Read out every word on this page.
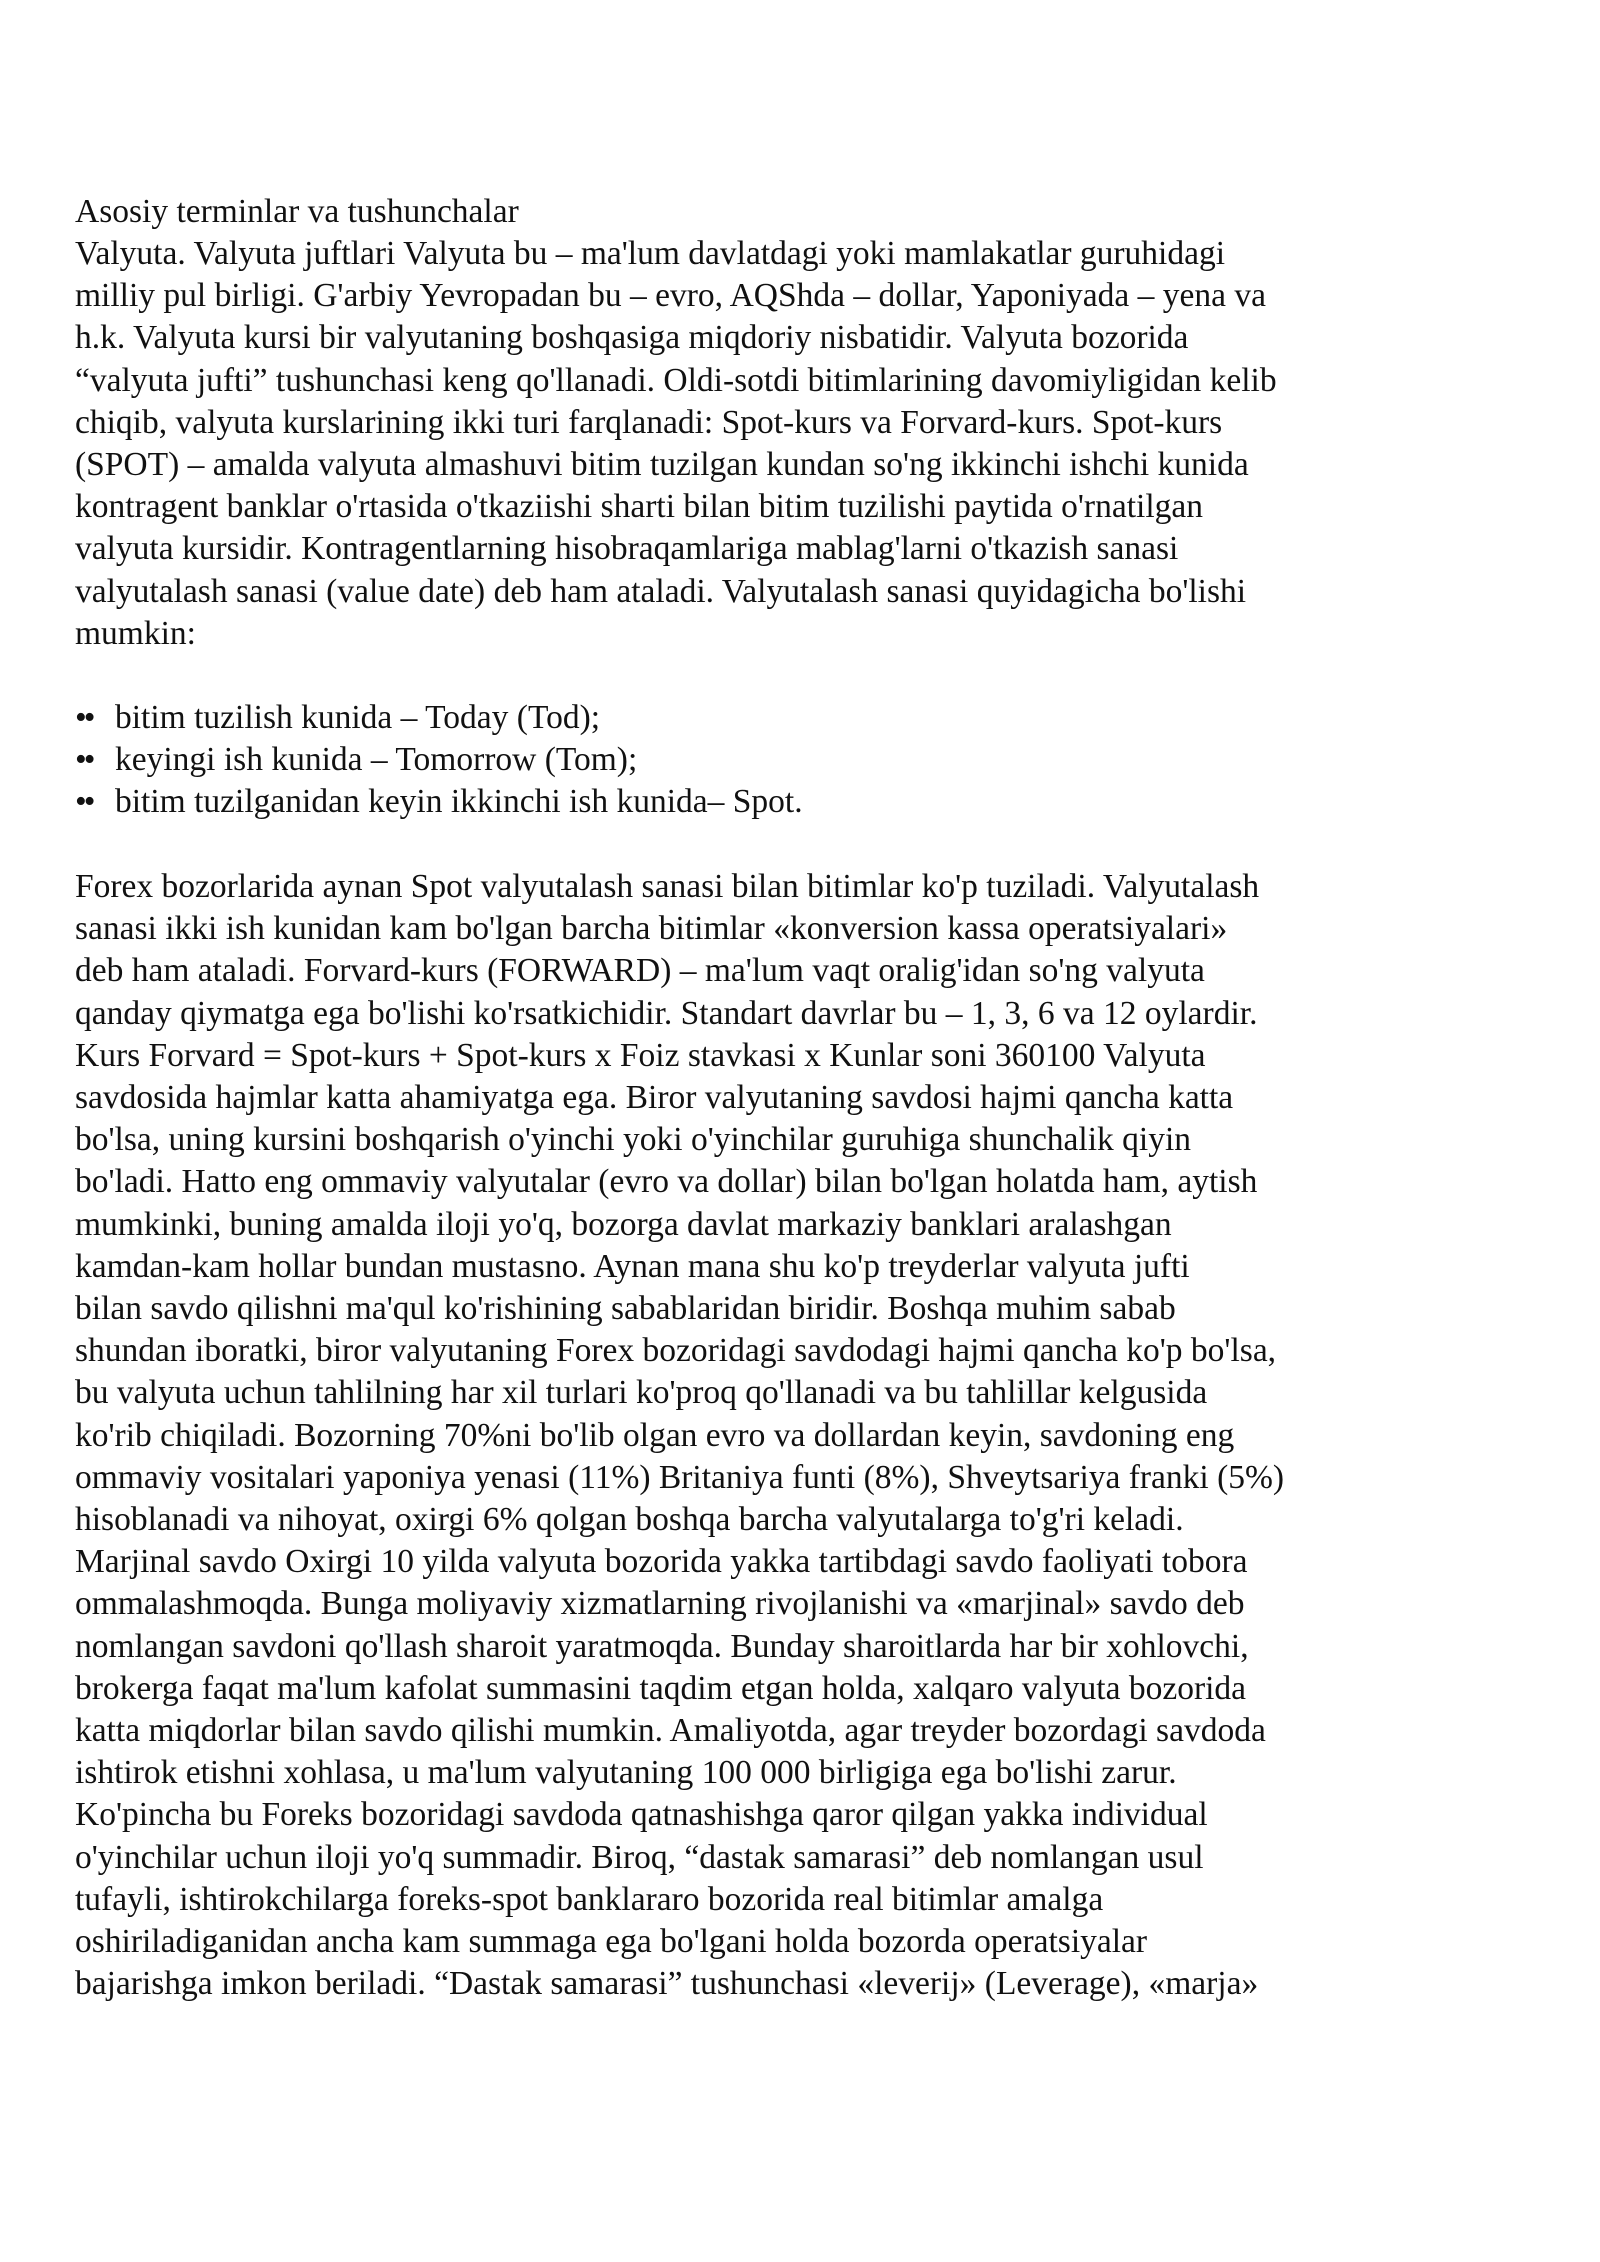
Asosiy terminlar va tushunchalar

Valyuta. Valyuta juftlari Valyuta bu – ma'lum davlatdagi yoki mamlakatlar guruhidagi
milliy pul birligi. G'arbiy Yevropadan bu – evro, AQShda – dollar, Yaponiyada – yena va
h.k. Valyuta kursi bir valyutaning boshqasiga miqdoriy nisbatidir. Valyuta bozorida
“valyuta jufti” tushunchasi keng qo'llanadi. Oldi-sotdi bitimlarining davomiyligidan kelib
chiqib, valyuta kurslarining ikki turi farqlanadi: Spot-kurs va Forvard-kurs. Spot-kurs
(SPOT) – amalda valyuta almashuvi bitim tuzilgan kundan so'ng ikkinchi ishchi kunida
kontragent banklar o'rtasida o'tkaziishi sharti bilan bitim tuzilishi paytida o'rnatilgan
valyuta kursidir. Kontragentlarning hisobraqamlariga mablag'larni o'tkazish sanasi
valyutalash sanasi (value date) deb ham ataladi. Valyutalash sanasi quyidagicha bo'lishi
mumkin:

•• bitim tuzilish kunida – Today (Tod);
•• keyingi ish kunida – Tomorrow (Tom);
•• bitim tuzilganidan keyin ikkinchi ish kunida– Spot.

Forex bozorlarida aynan Spot valyutalash sanasi bilan bitimlar ko'p tuziladi. Valyutalash
sanasi ikki ish kunidan kam bo'lgan barcha bitimlar «konversion kassa operatsiyalari»
deb ham ataladi. Forvard-kurs (FORWARD) – ma'lum vaqt oralig'idan so'ng valyuta
qanday qiymatga ega bo'lishi ko'rsatkichidir. Standart davrlar bu – 1, 3, 6 va 12 oylardir.
Kurs Forvard = Spot-kurs + Spot-kurs x Foiz stavkasi x Kunlar soni 360100 Valyuta
savdosida hajmlar katta ahamiyatga ega. Biror valyutaning savdosi hajmi qancha katta
bo'lsa, uning kursini boshqarish o'yinchi yoki o'yinchilar guruhiga shunchalik qiyin
bo'ladi. Hatto eng ommaviy valyutalar (evro va dollar) bilan bo'lgan holatda ham, aytish
mumkinki, buning amalda iloji yo'q, bozorga davlat markaziy banklari aralashgan
kamdan-kam hollar bundan mustasno. Aynan mana shu ko'p treyderlar valyuta jufti
bilan savdo qilishni ma'qul ko'rishining sabablaridan biridir. Boshqa muhim sabab
shundan iboratki, biror valyutaning Forex bozoridagi savdodagi hajmi qancha ko'p bo'lsa,
bu valyuta uchun tahlilning har xil turlari ko'proq qo'llanadi va bu tahlillar kelgusida
ko'rib chiqiladi. Bozorning 70%ni bo'lib olgan evro va dollardan keyin, savdoning eng
ommaviy vositalari yaponiya yenasi (11%) Britaniya funti (8%), Shveytsariya franki (5%)
hisoblanadi va nihoyat, oxirgi 6% qolgan boshqa barcha valyutalarga to'g'ri keladi.
Marjinal savdo Oxirgi 10 yilda valyuta bozorida yakka tartibdagi savdo faoliyati tobora
ommalashmoqda. Bunga moliyaviy xizmatlarning rivojlanishi va «marjinal» savdo deb
nomlangan savdoni qo'llash sharoit yaratmoqda. Bunday sharoitlarda har bir xohlovchi,
brokerga faqat ma'lum kafolat summasini taqdim etgan holda, xalqaro valyuta bozorida
katta miqdorlar bilan savdo qilishi mumkin. Amaliyotda, agar treyder bozordagi savdoda
ishtirok etishni xohlasa, u ma'lum valyutaning 100 000 birligiga ega bo'lishi zarur.
Ko'pincha bu Foreks bozoridagi savdoda qatnashishga qaror qilgan yakka individual
o'yinchilar uchun iloji yo'q summadir. Biroq, “dastak samarasi” deb nomlangan usul
tufayli, ishtirokchilarga foreks-spot banklararo bozorida real bitimlar amalga
oshiriladiganidan ancha kam summaga ega bo'lgani holda bozorda operatsiyalar
bajarishga imkon beriladi. “Dastak samarasi” tushunchasi «leverij» (Leverage), «marja»
